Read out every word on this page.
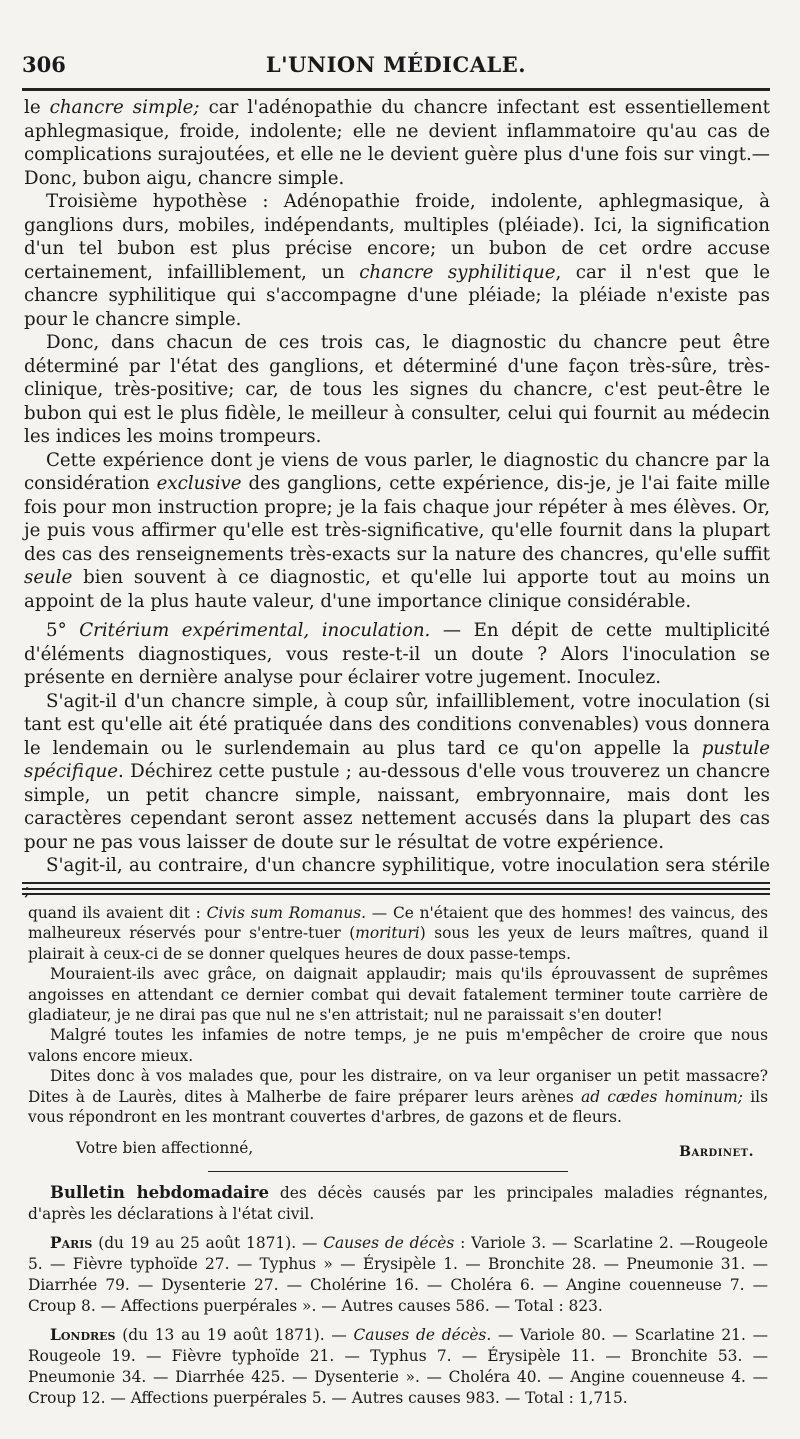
306	L'UNION MÉDICALE.

le chancre simple; car l'adénopathie du chancre infectant est essentiellement aphlegmasique, froide, indolente; elle ne devient inflammatoire qu'au cas de complications surajoutées, et elle ne le devient guère plus d'une fois sur vingt.—Donc, bubon aigu, chancre simple.

Troisième hypothèse : Adénopathie froide, indolente, aphlegmasique, à ganglions durs, mobiles, indépendants, multiples (pléiade). Ici, la signification d'un tel bubon est plus précise encore; un bubon de cet ordre accuse certainement, infailliblement, un chancre syphilitique, car il n'est que le chancre syphilitique qui s'accompagne d'une pléiade; la pléiade n'existe pas pour le chancre simple.

Donc, dans chacun de ces trois cas, le diagnostic du chancre peut être déterminé par l'état des ganglions, et déterminé d'une façon très-sûre, très-clinique, très-positive; car, de tous les signes du chancre, c'est peut-être le bubon qui est le plus fidèle, le meilleur à consulter, celui qui fournit au médecin les indices les moins trompeurs.

Cette expérience dont je viens de vous parler, le diagnostic du chancre par la considération exclusive des ganglions, cette expérience, dis-je, je l'ai faite mille fois pour mon instruction propre; je la fais chaque jour répéter à mes élèves. Or, je puis vous affirmer qu'elle est très-significative, qu'elle fournit dans la plupart des cas des renseignements très-exacts sur la nature des chancres, qu'elle suffit seule bien souvent à ce diagnostic, et qu'elle lui apporte tout au moins un appoint de la plus haute valeur, d'une importance clinique considérable.

5° Critérium expérimental, inoculation. — En dépit de cette multiplicité d'éléments diagnostiques, vous reste-t-il un doute ? Alors l'inoculation se présente en dernière analyse pour éclairer votre jugement. Inoculez.

S'agit-il d'un chancre simple, à coup sûr, infailliblement, votre inoculation (si tant est qu'elle ait été pratiquée dans des conditions convenables) vous donnera le lendemain ou le surlendemain au plus tard ce qu'on appelle la pustule spécifique. Déchirez cette pustule ; au-dessous d'elle vous trouverez un chancre simple, un petit chancre simple, naissant, embryonnaire, mais dont les caractères cependant seront assez nettement accusés dans la plupart des cas pour ne pas vous laisser de doute sur le résultat de votre expérience.

S'agit-il, au contraire, d'un chancre syphilitique, votre inoculation sera stérile ;

quand ils avaient dit : Civis sum Romanus. — Ce n'étaient que des hommes! des vaincus, des malheureux réservés pour s'entre-tuer (morituri) sous les yeux de leurs maîtres, quand il plairait à ceux-ci de se donner quelques heures de doux passe-temps.

Mouraient-ils avec grâce, on daignait applaudir; mais qu'ils éprouvassent de suprêmes angoisses en attendant ce dernier combat qui devait fatalement terminer toute carrière de gladiateur, je ne dirai pas que nul ne s'en attristait; nul ne paraissait s'en douter!

Malgré toutes les infamies de notre temps, je ne puis m'empêcher de croire que nous valons encore mieux.

Dites donc à vos malades que, pour les distraire, on va leur organiser un petit massacre? Dites à de Laurès, dites à Malherbe de faire préparer leurs arènes ad cædes hominum; ils vous répondront en les montrant couvertes d'arbres, de gazons et de fleurs.

Votre bien affectionné,	Bardinet.

Bulletin hebdomadaire des décès causés par les principales maladies régnantes, d'après les déclarations à l'état civil.

Paris (du 19 au 25 août 1871). — Causes de décès : Variole 3. — Scarlatine 2. —Rougeole 5. — Fièvre typhoïde 27. — Typhus » — Érysipèle 1. — Bronchite 28. — Pneumonie 31. — Diarrhée 79. — Dysenterie 27. — Cholérine 16. — Choléra 6. — Angine couenneuse 7. — Croup 8. — Affections puerpérales ». — Autres causes 586. — Total : 823.

Londres (du 13 au 19 août 1871). — Causes de décès. — Variole 80. — Scarlatine 21. — Rougeole 19. — Fièvre typhoïde 21. — Typhus 7. — Érysipèle 11. — Bronchite 53. — Pneumonie 34. — Diarrhée 425. — Dysenterie ». — Choléra 40. — Angine couenneuse 4. — Croup 12. — Affections puerpérales 5. — Autres causes 983. — Total : 1,715.
